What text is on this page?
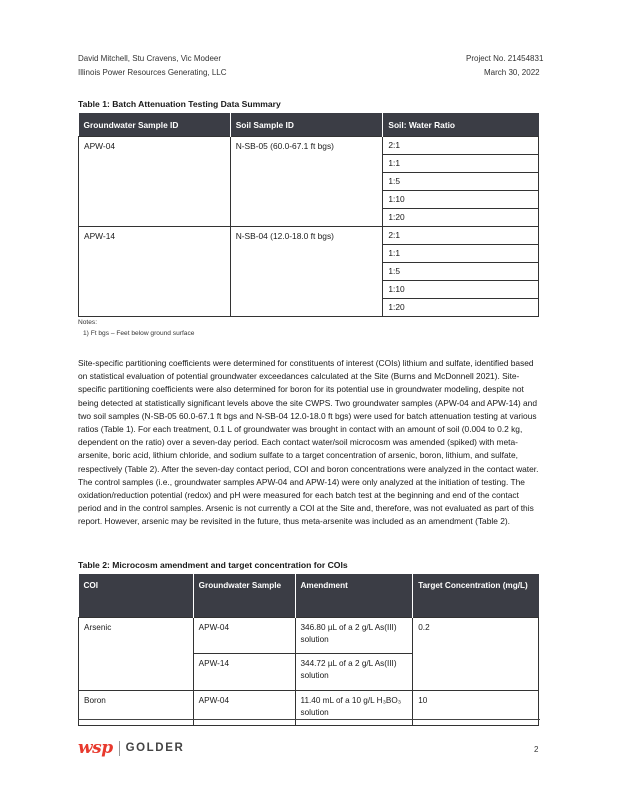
David Mitchell, Stu Cravens, Vic Modeer
Illinois Power Resources Generating, LLC
Project No. 21454831
March 30, 2022
Table 1: Batch Attenuation Testing Data Summary
Groundwater Sample ID	Soil Sample ID	Soil: Water Ratio
APW-04	N-SB-05 (60.0-67.1 ft bgs)	2:1
		1:1
		1:5
		1:10
		1:20
APW-14	N-SB-04 (12.0-18.0 ft bgs)	2:1
		1:1
		1:5
		1:10
		1:20
Notes:
1) Ft bgs – Feet below ground surface
Site-specific partitioning coefficients were determined for constituents of interest (COIs) lithium and sulfate, identified based on statistical evaluation of potential groundwater exceedances calculated at the Site (Burns and McDonnell 2021). Site-specific partitioning coefficients were also determined for boron for its potential use in groundwater modeling, despite not being detected at statistically significant levels above the site CWPS. Two groundwater samples (APW-04 and APW-14) and two soil samples (N-SB-05 60.0-67.1 ft bgs and N-SB-04 12.0-18.0 ft bgs) were used for batch attenuation testing at various ratios (Table 1). For each treatment, 0.1 L of groundwater was brought in contact with an amount of soil (0.004 to 0.2 kg, dependent on the ratio) over a seven-day period. Each contact water/soil microcosm was amended (spiked) with meta-arsenite, boric acid, lithium chloride, and sodium sulfate to a target concentration of arsenic, boron, lithium, and sulfate, respectively (Table 2). After the seven-day contact period, COI and boron concentrations were analyzed in the contact water. The control samples (i.e., groundwater samples APW-04 and APW-14) were only analyzed at the initiation of testing. The oxidation/reduction potential (redox) and pH were measured for each batch test at the beginning and end of the contact period and in the control samples. Arsenic is not currently a COI at the Site and, therefore, was not evaluated as part of this report. However, arsenic may be revisited in the future, thus meta-arsenite was included as an amendment (Table 2).
Table 2: Microcosm amendment and target concentration for COIs
COI	Groundwater Sample	Amendment	Target Concentration (mg/L)
Arsenic	APW-04	346.80 µL of a 2 g/L As(III) solution	0.2
	APW-14	344.72 µL of a 2 g/L As(III) solution	
Boron	APW-04	11.40 mL of a 10 g/L H₃BO₃ solution	10
wsp GOLDER	2
